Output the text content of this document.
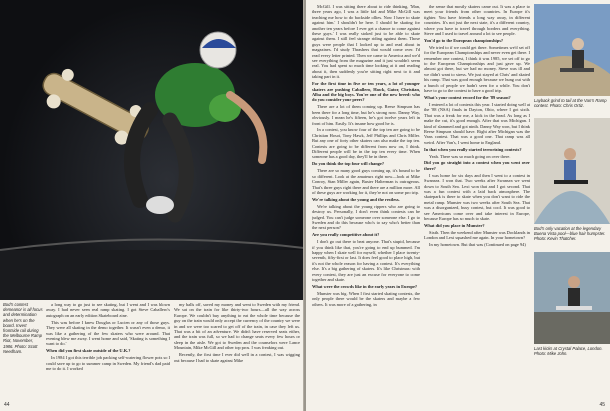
Bod's contest demeanor is all focus and determination when he's on the board. Invert frontside rail during the Melbourne Ramp Riot, November, 1986. Photo: Scott Needham.

a long way to go just to see skating, but I went and I was blown away. I had never seen real ramp skating. I got Steve Caballero's autograph on an early edition Skateboard zine.

This was before I knew Douglas or Lucien or any of those guys. They were all skating in the demo together. It wasn't even a demo, it was like a gathering of the few skaters who were around. That evening blew me away. I went home and said, 'Skating is something I want to do.'

When did you first skate outside of the U.K.?

In 1984 I got this terrible job packing self-watering flower pots so I could save up to go to summer camp in Sweden. My friend's dad paid me to do it. I worked

my balls off, saved my money and went to Sweden with my friend. We sat on the train for like thirty-two hours—all the way across Europe. We couldn't buy anything to eat the whole time because the guy on the train would only accept the currency of the country we were in and we were too scared to get off of the train, in case they left us. That was a bit of an adventure. We didn't have reserved seats either, and the train was full, so we had to change seats every few hours or sleep in the aisle. We got to Sweden and the counselors were Lance Mountain, Mike McGill and other top pros. I was freaking out.

Recently, the first time I ever did well in a contest, I was wigging out because I had to skate against Mike

44

McGill. I was sitting there about to ride thinking, 'Man, three years ago, I was a little kid and Mike McGill was teaching me how to do backside ollies. Now I have to skate against him.' I shouldn't be here. I should be skating for another ten years before I ever get a chance to come against these guys.' I was really stoked just to be able to skate against them. I still feel strange riding against them. Those guys were people that I looked up to and read about in magazines. I'd study Thrashers that would come over. I'd read every letter printed. Then we came to America and we'd see everything from the magazine and it just wouldn't seem real. You had spent so much time looking at it and reading about it, then suddenly you're sitting right next to it and taking part in it.

For the first time in five or ten years, a lot of younger skaters are pushing Caballero, Hawk, Gator, Christian, Alba and the big boys. You're one of the new breed: who do you consider your peers?

There are a lot of them coming up. Reese Simpson has been there for a long time, but he's strong now. Danny Way, obviously. I mean he's fifteen, he's got twelve years left in front of him. Easily. It's insane how good he is.

In a contest, you know four of the top ten are going to be Christian Hosoi, Tony Hawk, Jeff Phillips and Chris Miller. But any one of forty other skaters can also make the top ten. Contests are going to be different from now on, I think. Different people will be in the top ten every time. When someone has a good day, they'll be in there.

Do you think the top four will change?

There are so many good guys coming up, it's bound to be so different. Look at the amateurs right now—look at Mike Conroy, Stan Miller again, Buster Halterman is outrageous. That's three guys right there and there are a million more. All of these guys are working for it, they're not on some pro trip.

We're talking about the young and the restless.

We're talking about the young rippers who are going to destroy us. Personally, I don't even think contests can be judged. You can't judge someone over someone else. I go to Sweden and do this because who's to say who's better than the next person?

Are you really competitive about it?

I don't go out there to beat anyone. That's stupid, because if you think like that, you're going to end up bummed. I'm happy when I skate well for myself, whether I place twenty-seventh, fifty-first or last. It does feel good to place high, but it's not the whole reason for having a contest. It's everything else. It's a big gathering of skaters. It's like Christmas: with every contest, they are just an excuse for everyone to come together and skate.

What were the crowds like in the early years in Europe?

Munster was big. When I first started skating contests, the only people there would be the skaters and maybe a few others. It was more of a gathering, in

the sense that mostly skaters came out. It was a place to meet your friends from other countries. In Europe it's tighter. You have friends a long way away, in different countries. It's not just the next state, it's a different country, where you have to travel through borders and everything. Steve and I used to travel around a lot to see people.

You'd go to the European championships?

We tried to if we could get there. Sometimes we'd set off for the European Championships and never even get there. I remember one contest, I think it was 1985, we set off to go to the European Championships and just gave up. We almost got there, but we had no money. Steve was ill and we didn't want to stress. We just stayed at Chris' and skated his ramp. That was good enough because we hung out with a bunch of people we hadn't seen for a while. You don't have to go to the contest to have a good trip.

What's your contest record for the '89 season?

I entered a lot of contests this year. I started doing well at the '88 (NSA) finals in Dayton, Ohio, where I got sixth. That was a freak for me, a kick in the head. As long as I make the cut, it's good enough. After that was Michigan. I kind of slammed and got ninth. Danny Way won, but I think Reese Simpson should have. Right after Michigan was the Vans contest. That was a good one. That ramp was all weird. After Van's, I went home to England.

In that when you really started terrorizing contests?

Yeah. There was so much going on over there.

Did you go straight into a contest when you went over there?

I was home for six days and then I went to a contest in Swansea. I won that. Two weeks after Swansea we went down to South Sea. Lexi won that and I got second. That was a fun contest with a laid back atmosphere. The skatepark is there to skate when you don't want to ride the metal ramp. Munster was two weeks after South Sea. That was a disorganized, busy contest, but cool. It was good to see Americans come over and take interest in Europe, because Europe has so much to skate.

What did you place in Munster?

Sixth. Then the weekend after Munster was Docklands in London and Lexi squashed me again. In your hometown?

In my hometown. But that was (Continued on page 94)

Layback grind to tail at the Van's Ramp contest. Photo: Chris Ortiz.
Bod's only vacation at the legendary Buena Vista pool—blue hair humpster. Photo: Kevin Thatcher.
Last kicks at Crystal Palace, London. Photo: Mike John.
45
